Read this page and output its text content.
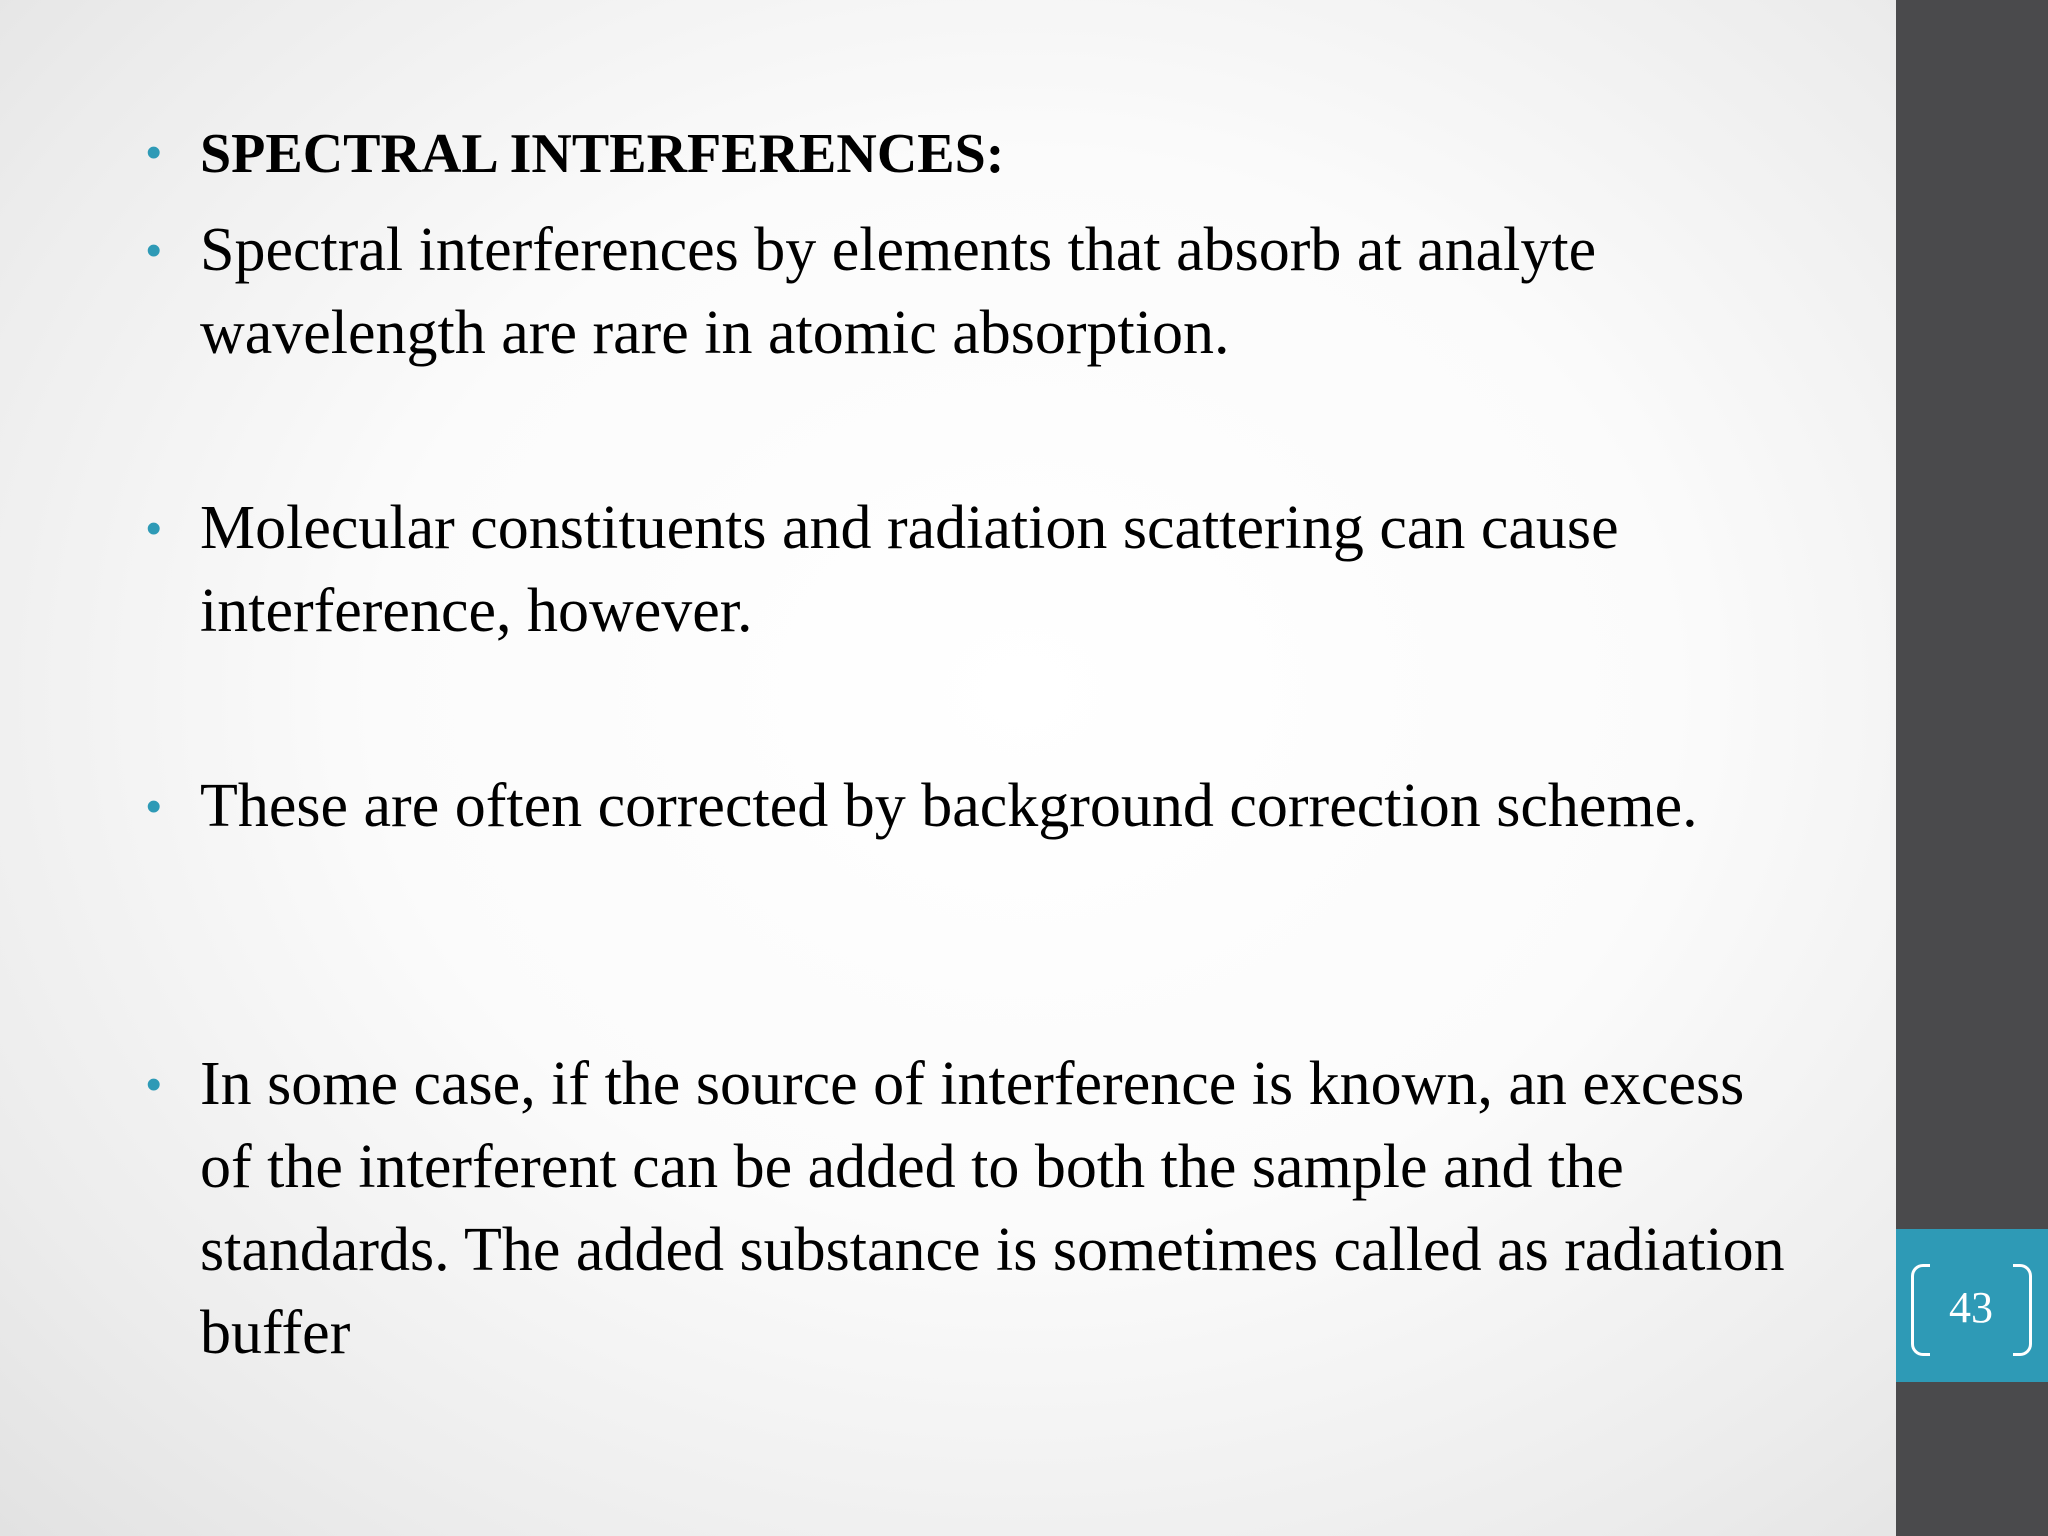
• SPECTRAL INTERFERENCES:
• Spectral interferences by elements that absorb at analyte wavelength are rare in atomic absorption.
• Molecular constituents and radiation scattering can cause interference, however.
• These are often corrected by background correction scheme.
• In some case, if the source of interference is known, an excess of the interferent can be added to both the sample and the standards. The added substance is sometimes called as radiation buffer	43
